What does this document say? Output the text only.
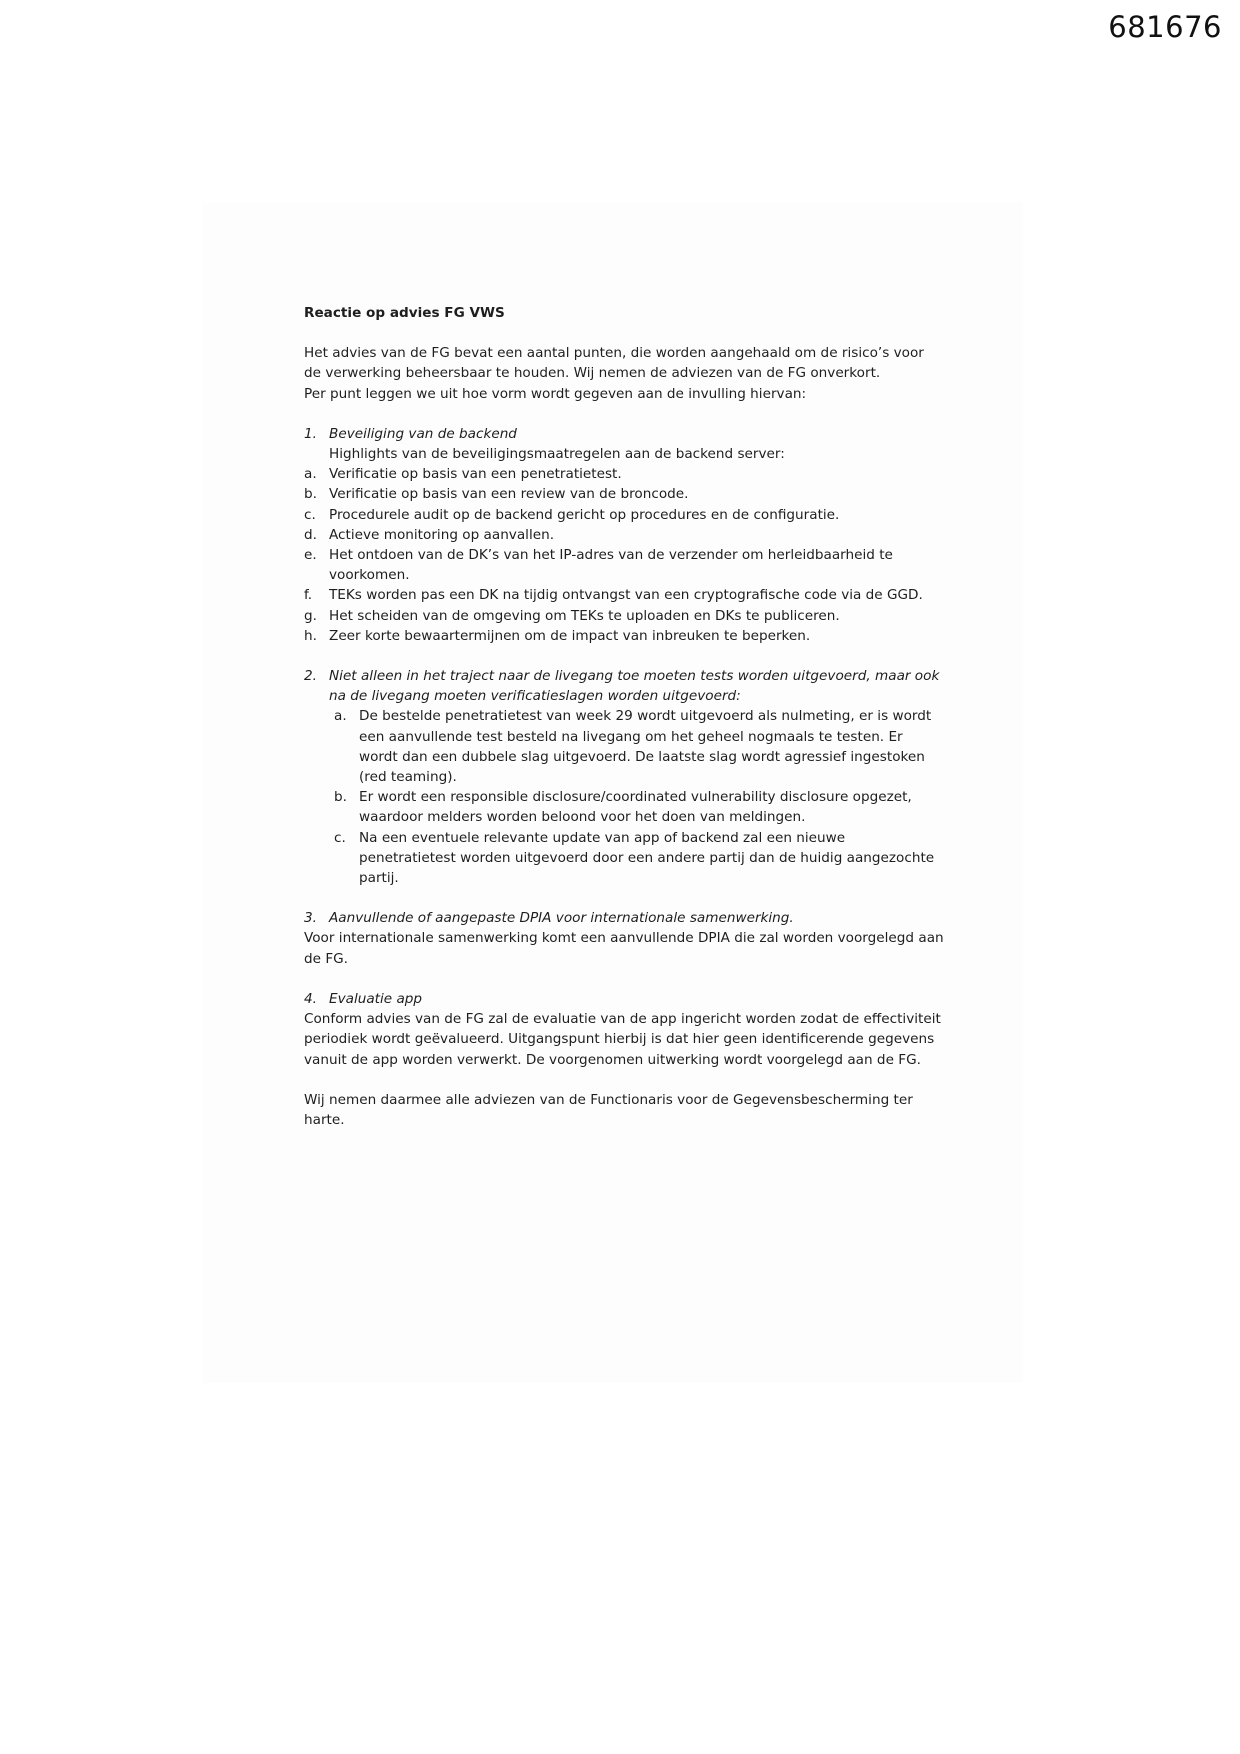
681676

Reactie op advies FG VWS

Het advies van de FG bevat een aantal punten, die worden aangehaald om de risico’s voor

de verwerking beheersbaar te houden. Wij nemen de adviezen van de FG onverkort.

Per punt leggen we uit hoe vorm wordt gegeven aan de invulling hiervan:

1. Beveiliging van de backend

Highlights van de beveiligingsmaatregelen aan de backend server:

a. Verificatie op basis van een penetratietest.
b. Verificatie op basis van een review van de broncode.
c. Procedurele audit op de backend gericht op procedures en de configuratie.
d. Actieve monitoring op aanvallen.
e. Het ontdoen van de DK’s van het IP-adres van de verzender om herleidbaarheid te voorkomen.
f.	TEKs worden pas een DK na tijdig ontvangst van een cryptografische code via de GGD.
g. Het scheiden van de omgeving om TEKs te uploaden en DKs te publiceren.
h. Zeer korte bewaartermijnen om de impact van inbreuken te beperken.
2. Niet alleen in het traject naar de livegang toe moeten tests worden uitgevoerd, maar ook na de livegang moeten verificatieslagen worden uitgevoerd:
a. De bestelde penetratietest van week 29 wordt uitgevoerd als nulmeting, er is wordt een aanvullende test besteld na livegang om het geheel nogmaals te testen. Er wordt dan een dubbele slag uitgevoerd. De laatste slag wordt agressief ingestoken (red teaming).
b. Er wordt een responsible disclosure/coordinated vulnerability disclosure opgezet, waardoor melders worden beloond voor het doen van meldingen.
c. Na een eventuele relevante update van app of backend zal een nieuwe penetratietest worden uitgevoerd door een andere partij dan de huidig aangezochte partij.
3. Aanvullende of aangepaste DPIA voor internationale samenwerking.

Voor internationale samenwerking komt een aanvullende DPIA die zal worden voorgelegd aan de FG.

4. Evaluatie app

Conform advies van de FG zal de evaluatie van de app ingericht worden zodat de effectiviteit periodiek wordt geëvalueerd. Uitgangspunt hierbij is dat hier geen identificerende gegevens vanuit de app worden verwerkt. De voorgenomen uitwerking wordt voorgelegd aan de FG.

Wij nemen daarmee alle adviezen van de Functionaris voor de Gegevensbescherming ter harte.
